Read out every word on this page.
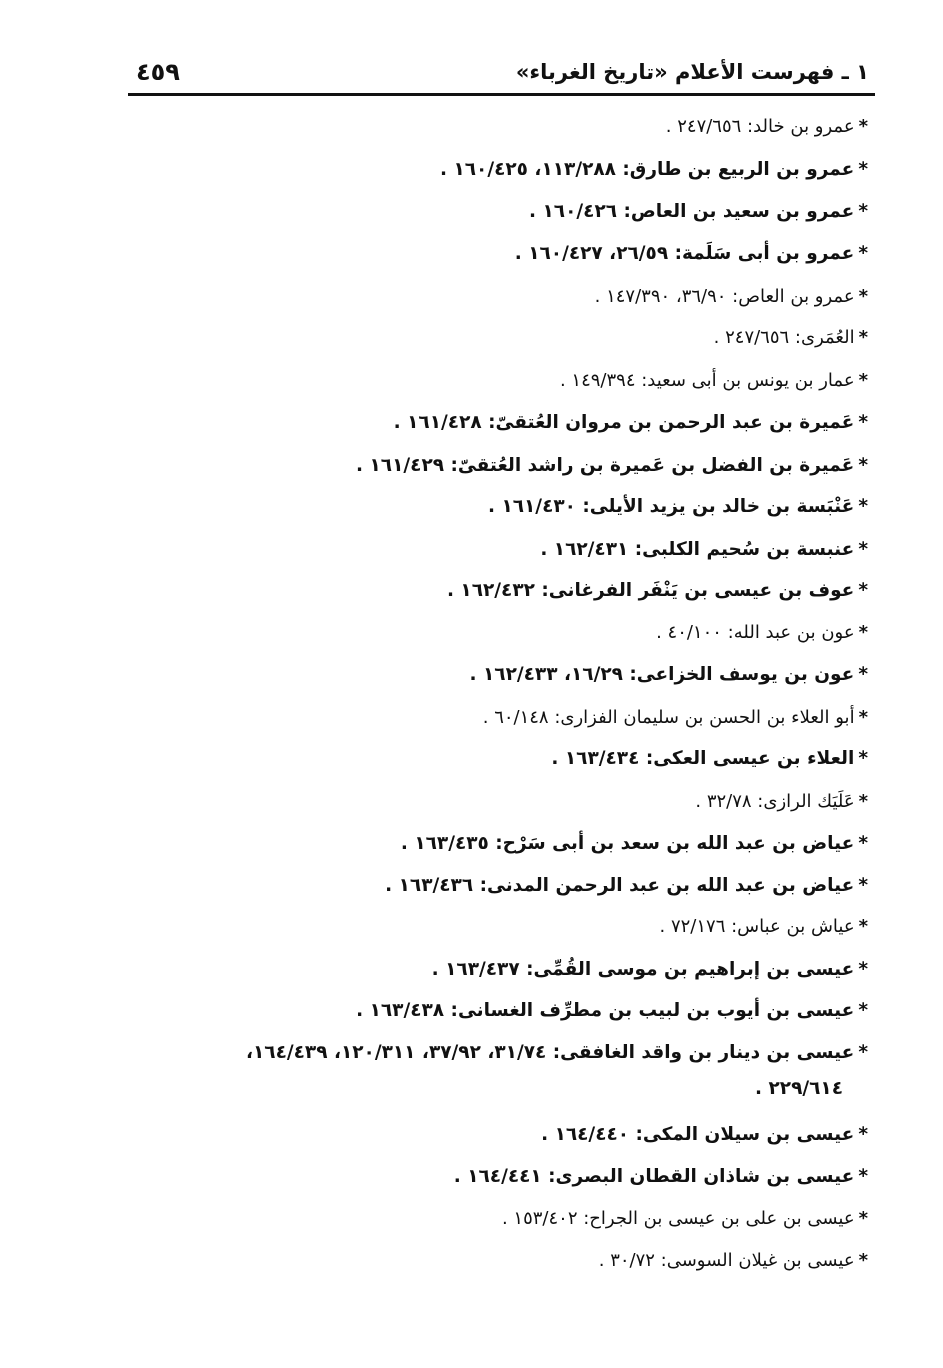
١ ـ فهرست الأعلام «تاريخ الغرباء»
٤٥٩
*عمرو بن خالد: ٢٤٧/٦٥٦ .
*عمرو بن الربيع بن طارق: ١١٣/٢٨٨، ١٦٠/٤٢٥ .
*عمرو بن سعيد بن العاص: ١٦٠/٤٢٦ .
*عمرو بن أبى سَلَمة: ٢٦/٥٩، ١٦٠/٤٢٧ .
*عمرو بن العاص: ٣٦/٩٠، ١٤٧/٣٩٠ .
*العُمَرى: ٢٤٧/٦٥٦ .
*عمار بن يونس بن أبى سعيد: ١٤٩/٣٩٤ .
*عَميرة بن عبد الرحمن بن مروان العُتقىّ: ١٦١/٤٢٨ .
*عَميرة بن الفضل بن عَميرة بن راشد العُتقىّ: ١٦١/٤٢٩ .
*عَنْبَسة بن خالد بن يزيد الأيلى: ١٦١/٤٣٠ .
*عنبسة بن سُحيم الكلبى: ١٦٢/٤٣١ .
*عوف بن عيسى بن يَنْفَر الفرغانى: ١٦٢/٤٣٢ .
*عون بن عبد الله: ٤٠/١٠٠ .
*عون بن يوسف الخزاعى: ١٦/٢٩، ١٦٢/٤٣٣ .
*أبو العلاء بن الحسن بن سليمان الفزارى: ٦٠/١٤٨ .
*العلاء بن عيسى العكى: ١٦٣/٤٣٤ .
*عَلَيَك الرازى: ٣٢/٧٨ .
*عياض بن عبد الله بن سعد بن أبى سَرْح: ١٦٣/٤٣٥ .
*عياض بن عبد الله بن عبد الرحمن المدنى: ١٦٣/٤٣٦ .
*عياش بن عباس: ٧٢/١٧٦ .
*عيسى بن إبراهيم بن موسى القُمِّى: ١٦٣/٤٣٧ .
*عيسى بن أيوب بن لبيب بن مطرِّف الغسانى: ١٦٣/٤٣٨ .
*عيسى بن دينار بن واقد الغافقى: ٣١/٧٤، ٣٧/٩٢، ١٢٠/٣١١، ١٦٤/٤٣٩،
٢٢٩/٦١٤ .
*عيسى بن سيلان المكى: ١٦٤/٤٤٠ .
*عيسى بن شاذان القطان البصرى: ١٦٤/٤٤١ .
*عيسى بن على بن عيسى بن الجراح: ١٥٣/٤٠٢ .
*عيسى بن غيلان السوسى: ٣٠/٧٢ .
